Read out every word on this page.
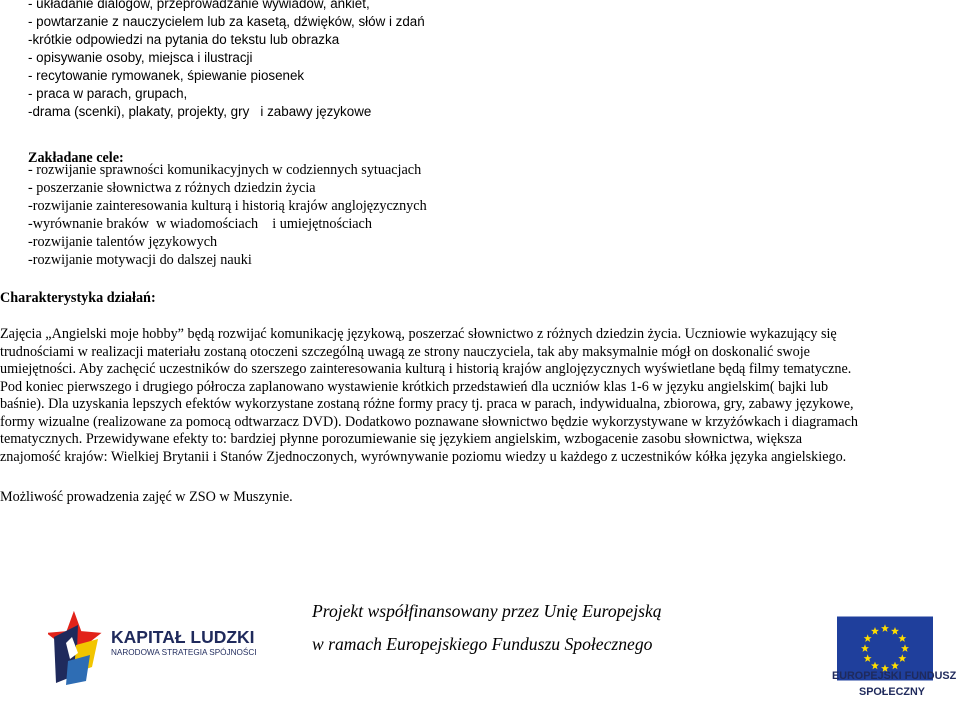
- układanie dialogów, przeprowadzanie wywiadów, ankiet,
- powtarzanie z nauczycielem lub za kasetą, dźwięków, słów i zdań
-krótkie odpowiedzi na pytania do tekstu lub obrazka
- opisywanie osoby, miejsca i ilustracji
- recytowanie rymowanek, śpiewanie piosenek
- praca w parach, grupach,
-drama (scenki), plakaty, projekty, gry   i zabawy językowe
Zakładane cele:
- rozwijanie sprawności komunikacyjnych w codziennych sytuacjach
- poszerzanie słownictwa z różnych dziedzin życia
-rozwijanie zainteresowania kulturą i historią krajów anglojęzycznych
-wyrównanie braków  w wiadomościach    i umiejętnościach
-rozwijanie talentów językowych
-rozwijanie motywacji do dalszej nauki
Charakterystyka działań:
Zajęcia „Angielski moje hobby” będą rozwijać komunikację językową, poszerzać słownictwo z różnych dziedzin życia. Uczniowie wykazujący się
trudnościami w realizacji materiału zostaną otoczeni szczególną uwagą ze strony nauczyciela, tak aby maksymalnie mógł on doskonalić swoje
umiejętności. Aby zachęcić uczestników do szerszego zainteresowania kulturą i historią krajów anglojęzycznych wyświetlane będą filmy tematyczne.
Pod koniec pierwszego i drugiego półrocza zaplanowano wystawienie krótkich przedstawień dla uczniów klas 1-6 w języku angielskim( bajki lub
baśnie). Dla uzyskania lepszych efektów wykorzystane zostaną różne formy pracy tj. praca w parach, indywidualna, zbiorowa, gry, zabawy językowe,
formy wizualne (realizowane za pomocą odtwarzacz DVD). Dodatkowo poznawane słownictwo będzie wykorzystywane w krzyżówkach i diagramach
tematycznych. Przewidywane efekty to: bardziej płynne porozumiewanie się językiem angielskim, wzbogacenie zasobu słownictwa, większa
znajomość krajów: Wielkiej Brytanii i Stanów Zjednoczonych, wyrównywanie poziomu wiedzy u każdego z uczestników kółka języka angielskiego.

Możliwość prowadzenia zajęć w ZSO w Muszynie.

KAPITAŁ LUDZKI
NARODOWA STRATEGIA SPÓJNOŚCI
Projekt współfinansowany przez Unię Europejską
w ramach Europejskiego Funduszu Społecznego
EUROPEJSKI FUNDUSZ
SPOŁECZNY
